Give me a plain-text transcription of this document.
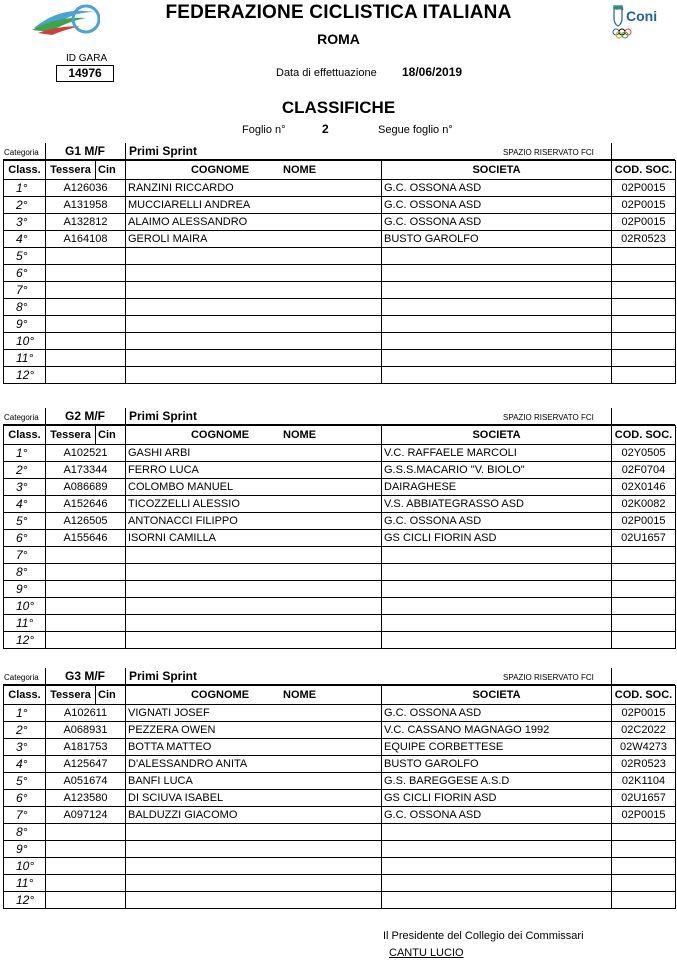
FEDERAZIONE CICLISTICA ITALIANA
ROMA
Italia Coni
ID GARA
14976	Data di effettuazione 18/06/2019
CLASSIFICHE
Foglio n°	2	Segue foglio n°
Categoria G1 M/F Primi Sprint	SPAZIO RISERVATO FCI
Class.	Tessera	Cin	COGNOME NOME	SOCIETA	COD. SOC.
1°	A126036		RANZINI RICCARDO	G.C. OSSONA ASD	02P0015
2°	A131958		MUCCIARELLI ANDREA	G.C. OSSONA ASD	02P0015
3°	A132812		ALAIMO ALESSANDRO	G.C. OSSONA ASD	02P0015
4°	A164108		GEROLI MAIRA	BUSTO GAROLFO	02R0523
5°					
6°					
7°					
8°					
9°					
10°					
11°					
12°					
Categoria G2 M/F Primi Sprint	SPAZIO RISERVATO FCI
Class.	Tessera	Cin	COGNOME NOME	SOCIETA	COD. SOC.
1°	A102521		GASHI ARBI	V.C. RAFFAELE MARCOLI	02Y0505
2°	A173344		FERRO LUCA	G.S.S.MACARIO "V. BIOLO"	02F0704
3°	A086689		COLOMBO MANUEL	DAIRAGHESE	02X0146
4°	A152646		TICOZZELLI ALESSIO	V.S. ABBIATEGRASSO ASD	02K0082
5°	A126505		ANTONACCI FILIPPO	G.C. OSSONA ASD	02P0015
6°	A155646		ISORNI CAMILLA	GS CICLI FIORIN ASD	02U1657
7°					
8°					
9°					
10°					
11°					
12°					
Categoria G3 M/F Primi Sprint	SPAZIO RISERVATO FCI
Class.	Tessera	Cin	COGNOME NOME	SOCIETA	COD. SOC.
1°	A102611		VIGNATI JOSEF	G.C. OSSONA ASD	02P0015
2°	A068931		PEZZERA OWEN	V.C. CASSANO MAGNAGO 1992	02C2022
3°	A181753		BOTTA MATTEO	EQUIPE CORBETTESE	02W4273
4°	A125647		D'ALESSANDRO ANITA	BUSTO GAROLFO	02R0523
5°	A051674		BANFI LUCA	G.S. BAREGGESE A.S.D	02K1104
6°	A123580		DI SCIUVA ISABEL	GS CICLI FIORIN ASD	02U1657
7°	A097124		BALDUZZI GIACOMO	G.C. OSSONA ASD	02P0015
8°					
9°					
10°					
11°					
12°					
Il Presidente del Collegio dei Commissari
CANTU LUCIO
